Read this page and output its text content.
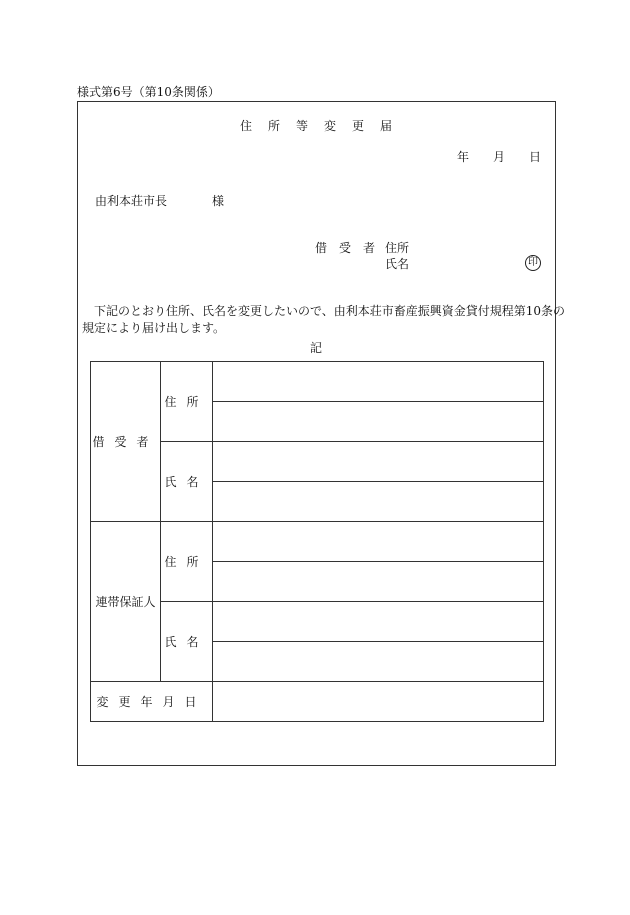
様式第6号（第10条関係）
住所等変更届
年 月 日
由利本荘市長	様
借受者
住所
氏名	印
下記のとおり住所、氏名を変更したいので、由利本荘市畜産振興資金貸付規程第10条の
規定により届け出します。
記
借受者	住所	

	氏名	

連帯保証人	住所	

	氏名	

変更年月日		
